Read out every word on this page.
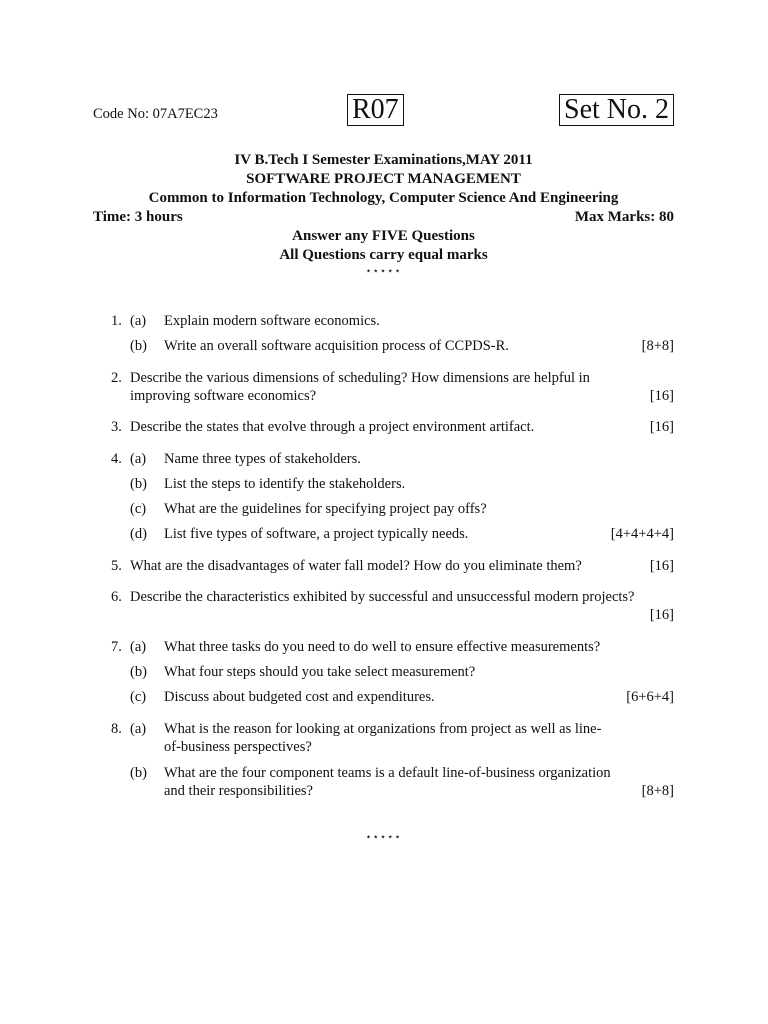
Code No: 07A7EC23	R07	Set No. 2
IV B.Tech I Semester Examinations,MAY 2011
SOFTWARE PROJECT MANAGEMENT
Common to Information Technology, Computer Science And Engineering
Time: 3 hours	Max Marks: 80
Answer any FIVE Questions
All Questions carry equal marks
⋆⋆⋆⋆⋆
1. (a)	Explain modern software economics.
(b)	Write an overall software acquisition process of CCPDS-R.	[8+8]
2. Describe the various dimensions of scheduling? How dimensions are helpful in
improving software economics?	[16]
3. Describe the states that evolve through a project environment artifact.	[16]
4. (a)	Name three types of stakeholders.
(b)	List the steps to identify the stakeholders.
(c)	What are the guidelines for specifying project pay offs?
(d)	List five types of software, a project typically needs.	[4+4+4+4]
5. What are the disadvantages of water fall model? How do you eliminate them?	[16]
6. Describe the characteristics exhibited by successful and unsuccessful modern projects?
[16]
7. (a)	What three tasks do you need to do well to ensure effective measurements?
(b)	What four steps should you take select measurement?
(c)	Discuss about budgeted cost and expenditures.	[6+6+4]
8. (a)	What is the reason for looking at organizations from project as well as line-
of-business perspectives?
(b)	What are the four component teams is a default line-of-business organization
and their responsibilities?	[8+8]
⋆⋆⋆⋆⋆
